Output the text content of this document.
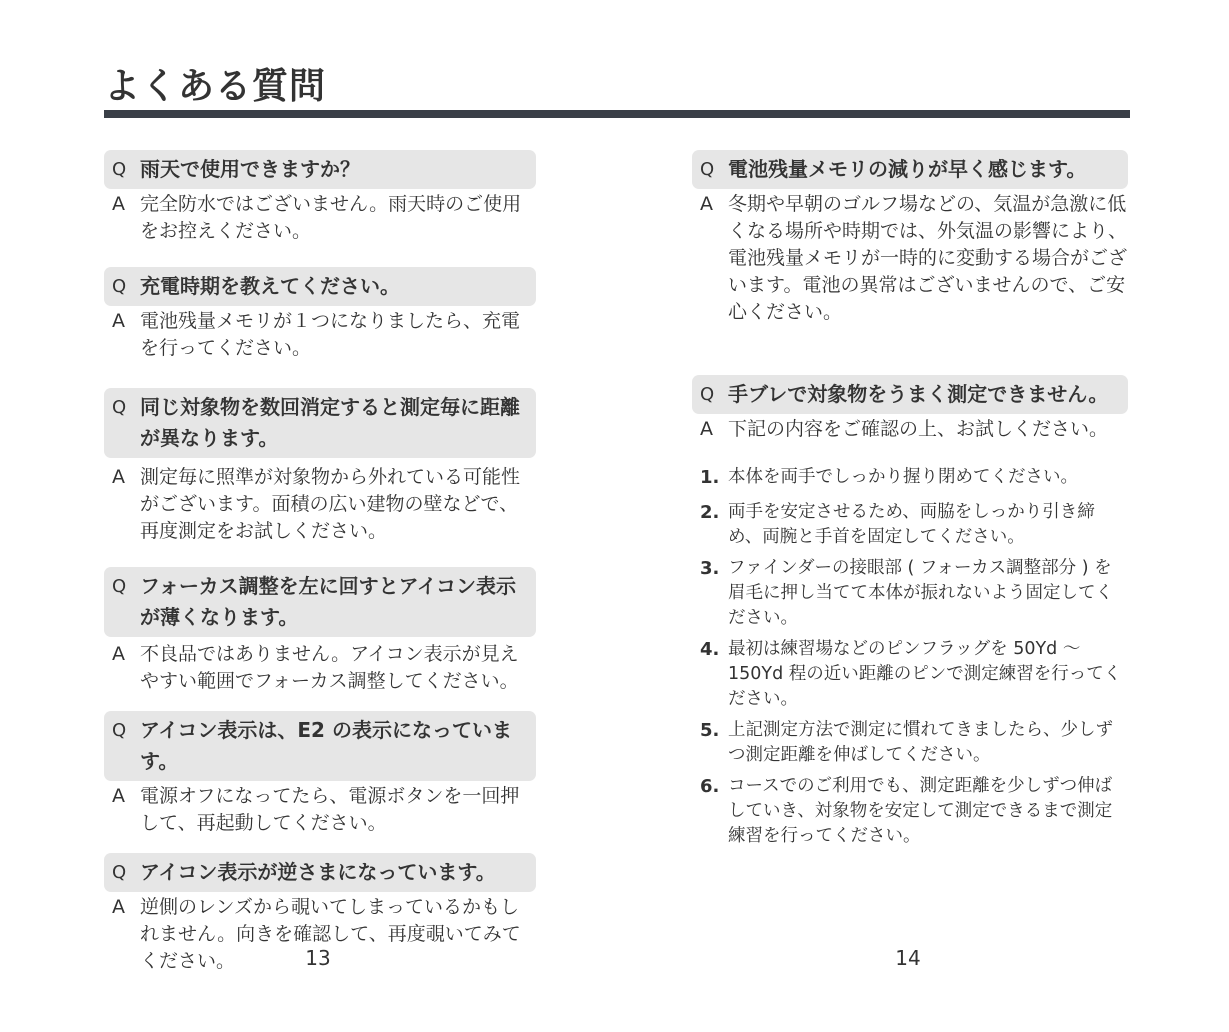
よくある質問
Q 雨天で使用できますか？
A 完全防水ではございません。雨天時のご使用をお控えください。
Q 充電時期を教えてください。
A 電池残量メモリが１つになりましたら、充電を行ってください。
Q 同じ対象物を数回消定すると測定毎に距離が異なります。
A 測定毎に照準が対象物から外れている可能性がございます。面積の広い建物の壁などで、再度測定をお試しください。
Q フォーカス調整を左に回すとアイコン表示が薄くなります。
A 不良品ではありません。アイコン表示が見えやすい範囲でフォーカス調整してください。
Q アイコン表示は、E2 の表示になっています。
A 電源オフになってたら、電源ボタンを一回押して、再起動してください。
Q アイコン表示が逆さまになっています。
A 逆側のレンズから覗いてしまっているかもしれません。向きを確認して、再度覗いてみてください。
Q 電池残量メモリの減りが早く感じます。
A 冬期や早朝のゴルフ場などの、気温が急激に低くなる場所や時期では、外気温の影響により、電池残量メモリが一時的に変動する場合がございます。電池の異常はございませんので、ご安心ください。
Q 手ブレで対象物をうまく測定できません。
A 下記の内容をご確認の上、お試しください。
1. 本体を両手でしっかり握り閉めてください。
2. 両手を安定させるため、両脇をしっかり引き締め、両腕と手首を固定してください。
3. ファインダーの接眼部 ( フォーカス調整部分 ) を眉毛に押し当てて本体が振れないよう固定してください。
4. 最初は練習場などのピンフラッグを 50Yd ～ 150Yd 程の近い距離のピンで測定練習を行ってください。
5. 上記測定方法で測定に慣れてきましたら、少しずつ測定距離を伸ばしてください。
6. コースでのご利用でも、測定距離を少しずつ伸ばしていき、対象物を安定して測定できるまで測定練習を行ってください。
13	14
